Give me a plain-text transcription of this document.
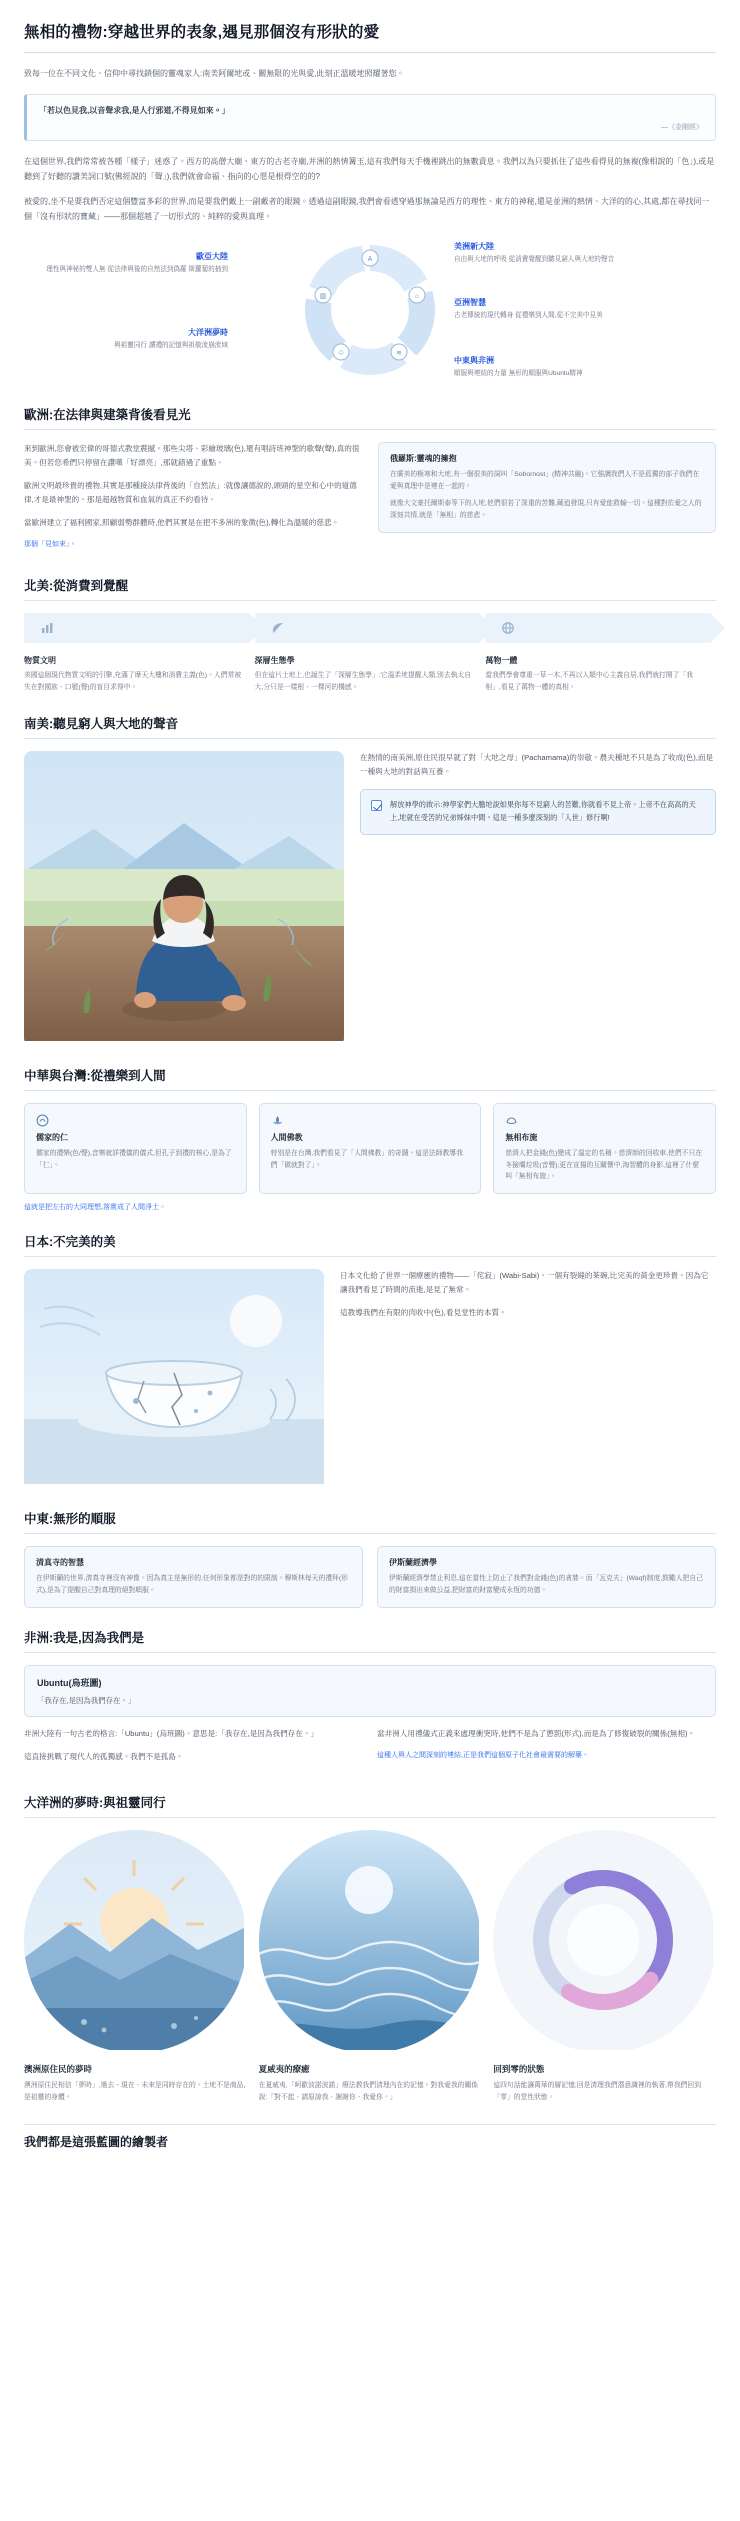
無相的禮物:穿越世界的表象,遇見那個沒有形狀的愛

致每一位在不同文化、信仰中尋找鎖個的靈魂家人:南美阿爾地或、關無限的光與愛,此刻正溫暖地照耀著您。

「若以色見我,以音聲求我,是人行邪道,不得見如來。」
—《金剛經》

在這個世界,我們常常被各種「樣子」迷惑了。西方的高僧大廟、東方的古老寺廟,并洲的熱情篝玉,這有我們每天手機裡跳出的無數資息。我們以為只要抓住了這些看得見的無複(像相說的「色」),或是聽到了好聽的讚美詞口號(佛經說的「聲」),我們就會命福、指向的心愿是根得空的的?

被愛的,坐不是要我們否定這個豐富多彩的世界,而是要我們戴上一副戴者的眼鏡。透過這副眼鏡,我們會看透穿過那無論是西方的理性、東方的神秘,還是並洲的熱情、大洋的的心,其處,都在尋找同一個「沒有形狀的寶藏」——那個超越了一切形式的、純粹的愛與真理。

A
⌂
≋
♲
▥
歐亞大陸
理性與神秘的雙人無 從法律與後的自然法到偽羅 斯蘿蔔的抽到
大洋洲夢時
與祖靈同行 讀禮的記憶與祖敬流崩流域
美洲新大陸
自由與大地的呼吸 從消費覺醒到聽見窮人與大地的聲音
亞洲智慧
古老傳統的現代轉身 從禮樂到人間,從不完美中見美
中東與非洲
順服與連結的力量 無形的順服與Ubuntu精神
歐洲:在法律與建築背後看見光

來到歐洲,您會被宏偉的哥德式教堂震撼。那些尖塔、彩繪玻璃(色),還有唱詩班神聖的歌聲(聲),真的很美。但若您希們只停留在讚嘆「好漂亮」,那就錯過了重點。

歐洲文明最珍貴的禮物,其實是那種接法律背後的「自然法」:就像讓德說的,頭頭的星空和心中的道德律,才是最神聖的。那是超越物質和血氣的真正不約看待。

當歐洲建立了福利國家,照顧弱勢群體時,他們其實是在把不多洲的象徵(色),轉化為溫暖的慈悲。

那個「見如來」。

俄羅斯:靈魂的擁抱
在廣美的極寒和大地,有一個很美的詞叫「Sobornost」(精神共融)。它強調我們人不是孤獨的部子我們在愛與真理中是連在一起的。
就像大文豪托爾斯泰等下的人地,他們很若了深重的苦難,藏追發現,只有愛能救輸一切。這種對於愛之人的深刻共情,就是「無相」的慈悲。
北美:從消費到覺醒
物質文明
美國這個現代物質文明的引擎,充滿了摩天大樓和消費主義(色)。人們常被失在對國族、口號(聲)的盲目求得中。
深層生態學
但在這片土地上,也誕生了「深層生態學」:它溫柔地提醒人類,別去執太自大,分只是一樣根、一棵河的機感。
萬物一體
當我們學會尊重一草一木,不再以人類中心主義自居,我們就打開了「我相」,看見了萬物一體的真相。
南美:聽見窮人與大地的聲音

在熱情的南美洲,原住民很早就了對「大地之母」(Pachamama)的崇敬。農夫種地不只是為了收成(色),而是一種與大地的對話與互養。

解放神學的啟示:神學家們大膽地說如果你每不見窮人的苦難,你就看不見上帝。上帝不在高高的天上,地就在受苦的兄弟姊妹中間。這是一種多麼深刻的「入世」修行啊!
中華與台灣:從禮樂到人間
儒家的仁
儒家的禮樂(色/聲),音樂就詳禮儀的儀式,但孔子到禮的核心,是為了「仁」。
人間佛教
特別是在台灣,我們看見了「人間佛教」的奇蹟。這是法師教導我們「做就對了」。
無相布施
慈濟人把金錢(色)變成了溫定的名稱。慈濟師的回收車,他們不只在冬撿壩垃圾(音聲);更在宣揚的互關懷中,淘智體的身影,這裡了什麼叫「無相布施」。

這就是把左右的大同理想,落實成了人間淨土。

日本:不完美的美

日本文化給了世界一個療癒的禮物——「侘寂」(Wabi-Sabi)。一個有裂縫的茶碗,比完美的黃金更珍貴。因為它讓我們看見了時間的流逝,是見了無常。

這教導我們在有限的肉收中(色),看見堂性的本質。

中東:無形的順服
清真寺的智慧
在伊斯蘭的世界,清真寺裡沒有神像。因為真主是無形的,任何形象都是對的的限制。穆斯林每天的禮拜(形式),是為了提醒自己對真理的絕對順服。
伊斯蘭經濟學
伊斯蘭經濟學禁止利息,這在當性上防止了我們對金錢(色)的貪婪。而「瓦克夫」(Waqf)制度,鼓勵人把自己的財富捐出來做公益,把財富的財富變成永恆的功德。
非洲:我是,因為我們是
Ubuntu(烏班圖)
「我存在,是因為我們存在。」

非洲大陸有一句古老的格言:「Ubuntu」(烏班圖)。意思是:「我存在,是因為我們存在。」

這直接挑戰了現代人的孤獨感。我們不是孤島。

當非洲人用禮儀式正義來處理衝突時,他們不是為了懲罰(形式),而是為了修復破裂的關係(無相)。

這種人與人之間深刻的連結,正是我們這個原子化社會最需要的解藥。

大洋洲的夢時:與祖靈同行
澳洲原住民的夢時
澳洲原住民相信「夢時」,過去、現在、未來是同時存在的。土地不是商品,是祖靈的身體。
夏威夷的療癒
在夏威夷,「呵歐波諾波諾」療法教我們清理內在的記憶。對我愛我的關係說:「對不起、請原諒我、謝謝你、我愛你。」
回到零的狀態
這四句話能讓萬華的層記憶;回是清理我們潛意識裡的執著,帶我們回到「零」的堂性狀態。
我們都是這張藍圖的繪製者
